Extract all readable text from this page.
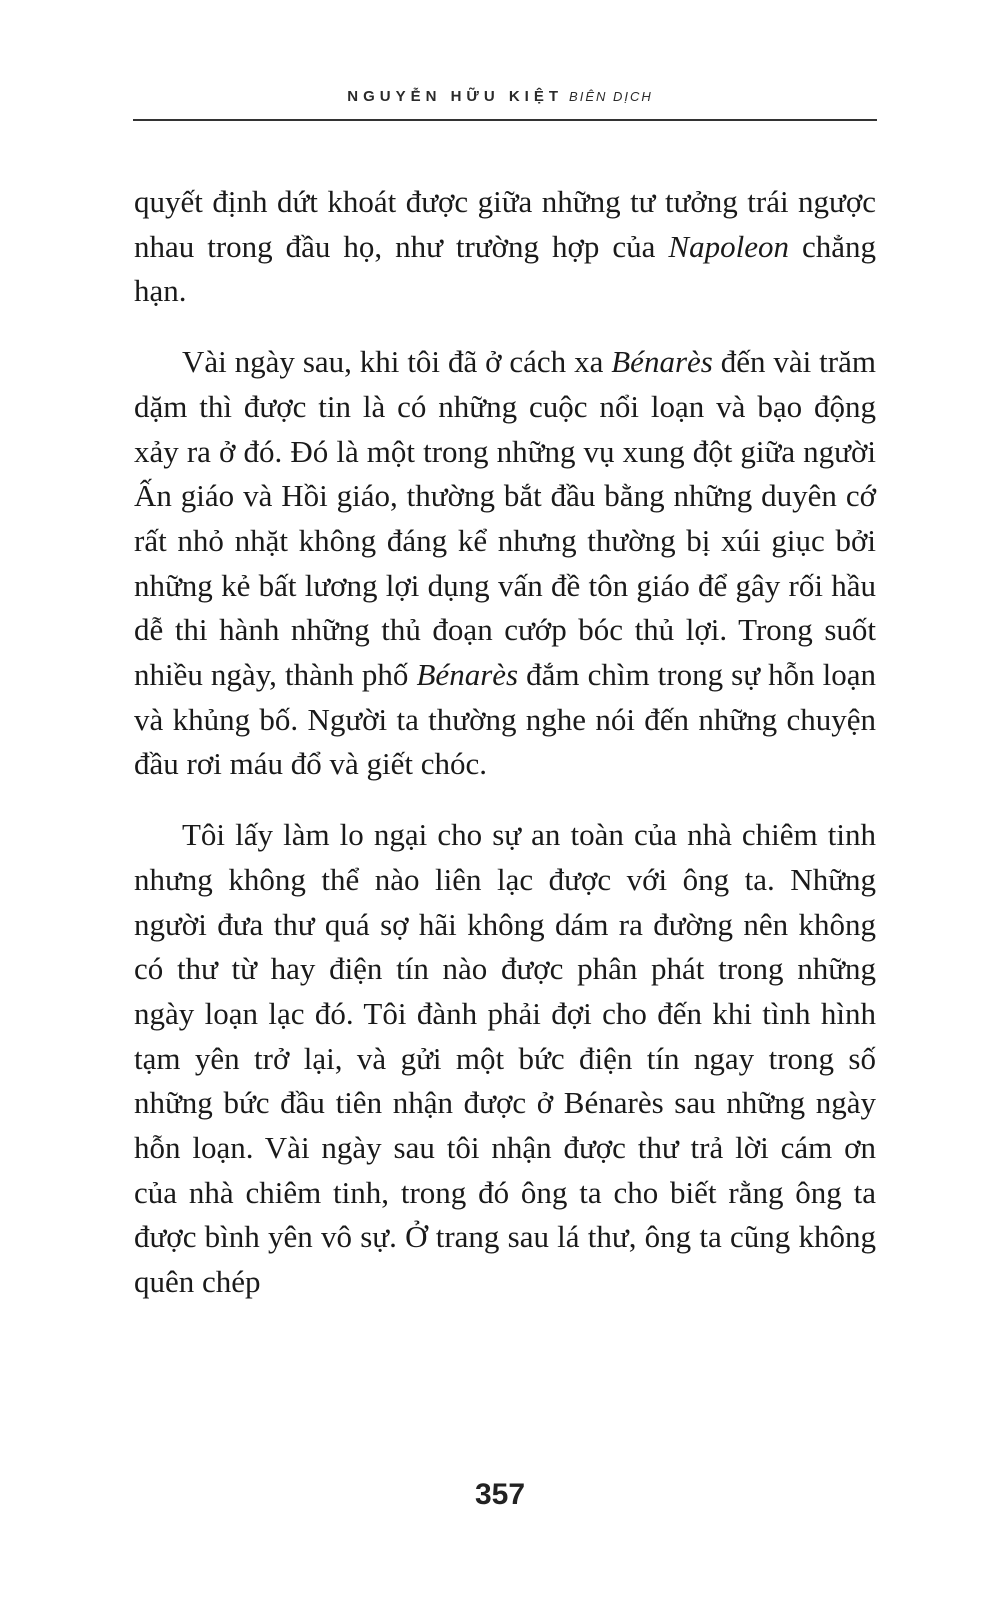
NGUYỄN HỮU KIỆT BIÊN DỊCH

quyết định dứt khoát được giữa những tư tưởng trái ngược nhau trong đầu họ, như trường hợp của Napoleon chẳng hạn.

Vài ngày sau, khi tôi đã ở cách xa Bénarès đến vài trăm dặm thì được tin là có những cuộc nổi loạn và bạo động xảy ra ở đó. Đó là một trong những vụ xung đột giữa người Ấn giáo và Hồi giáo, thường bắt đầu bằng những duyên cớ rất nhỏ nhặt không đáng kể nhưng thường bị xúi giục bởi những kẻ bất lương lợi dụng vấn đề tôn giáo để gây rối hầu dễ thi hành những thủ đoạn cướp bóc thủ lợi. Trong suốt nhiều ngày, thành phố Bénarès đắm chìm trong sự hỗn loạn và khủng bố. Người ta thường nghe nói đến những chuyện đầu rơi máu đổ và giết chóc.

Tôi lấy làm lo ngại cho sự an toàn của nhà chiêm tinh nhưng không thể nào liên lạc được với ông ta. Những người đưa thư quá sợ hãi không dám ra đường nên không có thư từ hay điện tín nào được phân phát trong những ngày loạn lạc đó. Tôi đành phải đợi cho đến khi tình hình tạm yên trở lại, và gửi một bức điện tín ngay trong số những bức đầu tiên nhận được ở Bénarès sau những ngày hỗn loạn. Vài ngày sau tôi nhận được thư trả lời cám ơn của nhà chiêm tinh, trong đó ông ta cho biết rằng ông ta được bình yên vô sự. Ở trang sau lá thư, ông ta cũng không quên chép

357
